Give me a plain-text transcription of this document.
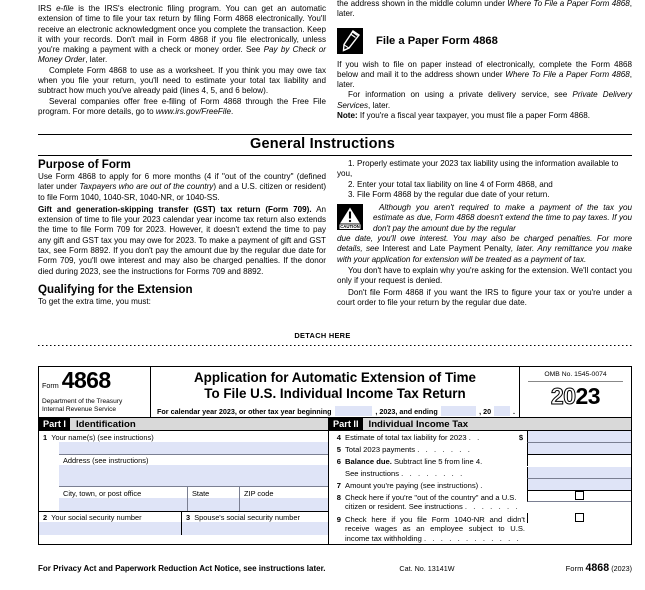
IRS e-file is the IRS's electronic filing program. You can get an automatic extension of time to file your tax return by filing Form 4868 electronically. You'll receive an electronic acknowledgment once you complete the transaction. Keep it with your records. Don't mail in Form 4868 if you file electronically, unless you're making a payment with a check or money order. See Pay by Check or Money Order, later.

Complete Form 4868 to use as a worksheet. If you think you may owe tax when you file your return, you'll need to estimate your total tax liability and subtract how much you've already paid (lines 4, 5, and 6 below).

Several companies offer free e-filing of Form 4868 through the Free File program. For more details, go to www.irs.gov/FreeFile.

the address shown in the middle column under Where To File a Paper Form 4868, later.

File a Paper Form 4868

If you wish to file on paper instead of electronically, complete the Form 4868 below and mail it to the address shown under Where To File a Paper Form 4868, later.

For information on using a private delivery service, see Private Delivery Services, later.

Note: If you're a fiscal year taxpayer, you must file a paper Form 4868.

General Instructions
Purpose of Form

Use Form 4868 to apply for 6 more months (4 if "out of the country" (defined later under Taxpayers who are out of the country) and a U.S. citizen or resident) to file Form 1040, 1040-SR, 1040-NR, or 1040-SS.

Gift and generation-skipping transfer (GST) tax return (Form 709). An extension of time to file your 2023 calendar year income tax return also extends the time to file Form 709 for 2023. However, it doesn't extend the time to pay any gift and GST tax you may owe for 2023. To make a payment of gift and GST tax, see Form 8892. If you don't pay the amount due by the regular due date for Form 709, you'll owe interest and may also be charged penalties. If the donor died during 2023, see the instructions for Forms 709 and 8892.

Qualifying for the Extension

To get the extra time, you must:

1. Properly estimate your 2023 tax liability using the information available to you,
2. Enter your total tax liability on line 4 of Form 4868, and
3. File Form 4868 by the regular due date of your return.
CAUTION

Although you aren't required to make a payment of the tax you estimate as due, Form 4868 doesn't extend the time to pay taxes. If you don't pay the amount due by the regular

due date, you'll owe interest. You may also be charged penalties. For more details, see Interest and Late Payment Penalty, later. Any remittance you make with your application for extension will be treated as a payment of tax.

You don't have to explain why you're asking for the extension. We'll contact you only if your request is denied.

Don't file Form 4868 if you want the IRS to figure your tax or you're under a court order to file your return by the regular due date.

DETACH HERE
Form 4868
Department of the Treasury
Internal Revenue Service
Application for Automatic Extension of Time
To File U.S. Individual Income Tax Return
For calendar year 2023, or other tax year beginning	, 2023, and ending	, 20	.
OMB No. 1545-0074
2023
Part I	Identification
1 Your name(s) (see instructions)
Address (see instructions)
City, town, or post office	State	ZIP code
2 Your social security number	3 Spouse's social security number
Part II	Individual Income Tax
4 Estimate of total tax liability for 2023 . .	$
5 Total 2023 payments . . . . . . .
6 Balance due. Subtract line 5 from line 4.
See instructions . . . . . . . .
7 Amount you're paying (see instructions) .
8 Check here if you're "out of the country" and a U.S. citizen or resident. See instructions . . . . . . .
9 Check here if you file Form 1040-NR and didn't receive wages as an employee subject to U.S. income tax withholding . . . . . . . . . . . .
For Privacy Act and Paperwork Reduction Act Notice, see instructions later.	Cat. No. 13141W	Form 4868 (2023)
